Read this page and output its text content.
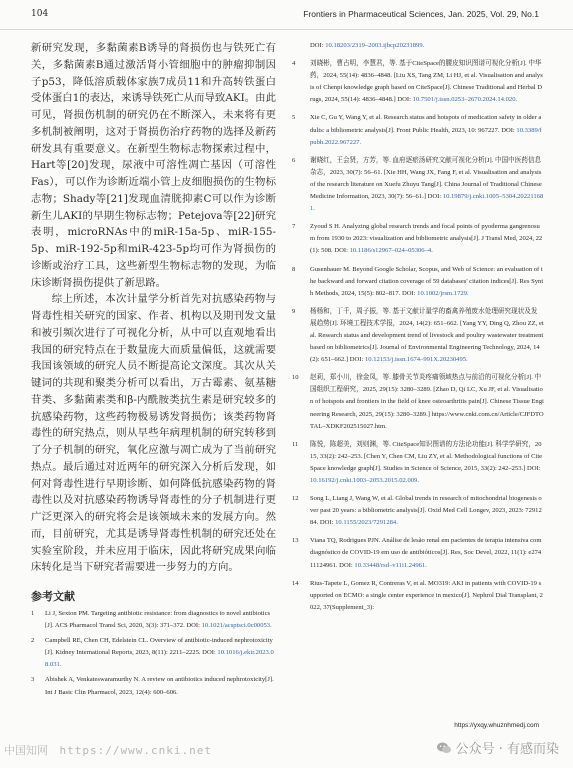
104	Frontiers in Pharmaceutical Sciences, Jan. 2025, Vol. 29, No.1

新研究发现，多黏菌素B诱导的肾损伤也与铁死亡有关，多黏菌素B通过激活肾小管细胞中的肿瘤抑制因子p53，降低溶质载体家族7成员11和升高转铁蛋白受体蛋白1的表达，来诱导铁死亡从而导致AKI。由此可见，肾损伤机制的研究仍在不断深入，未来将有更多机制被阐明，这对于肾损伤治疗药物的选择及新药研发具有重要意义。在新型生物标志物探索过程中，Hart等[20]发现，尿液中可溶性凋亡基因（可溶性Fas），可以作为诊断近端小管上皮细胞损伤的生物标志物；Shady等[21]发现血清胱抑素C可以作为诊断新生儿AKI的早期生物标志物；Petejova等[22]研究表明，microRNAs中的miR-15a-5p、miR-155-5p、miR-192-5p和miR-423-5p均可作为肾损伤的诊断或治疗工具，这些新型生物标志物的发现，为临床诊断肾损伤提供了新思路。

综上所述，本次计量学分析首先对抗感染药物与肾毒性相关研究的国家、作者、机构以及期刊发文量和被引频次进行了可视化分析，从中可以直观地看出我国的研究特点在于数量庞大而质量偏低，这就需要我国该领域的研究人员不断提高论文深度。其次从关键词的共现和聚类分析可以看出，万古霉素、氨基糖苷类、多黏菌素类和β-内酰胺类抗生素是研究较多的抗感染药物，这些药物极易诱发肾损伤；该类药物肾毒性的研究热点，则从早些年病理机制的研究转移到了分子机制的研究，氧化应激与凋亡成为了当前研究热点。最后通过对近两年的研究深入分析后发现，如何对肾毒性进行早期诊断、如何降低抗感染药物的肾毒性以及对抗感染药物诱导肾毒性的分子机制进行更广泛更深入的研究将会是该领域未来的发展方向。然而，目前研究，尤其是诱导肾毒性机制的研究还处在实验室阶段，并未应用于临床，因此将研究成果向临床转化是当下研究者需要进一步努力的方向。

参考文献
1	Li J, Sexton PM. Targeting antibiotic resistance: from diagnostics to novel antibiotics[J]. ACS Pharmacol Transl Sci, 2020, 3(3): 371–372. DOI: 10.1021/acsptsci.0c00053.
2	Campbell RE, Chen CH, Edelstein CL. Overview of antibiotic-induced nephrotoxicity[J]. Kidney International Reports, 2023, 8(11): 2211–2225. DOI: 10.1016/j.ekir.2023.08.031.
3	Abishek A, Venkateswaramurthy N. A review on antibiotics induced nephrotoxicity[J]. Int J Basic Clin Pharmacol, 2023, 12(4): 600–606.
DOI: 10.18203/2319–2003.ijbcp20231899.
4	刘晓彬，曹占明，李慧君，等. 基于CiteSpace的腰皮知识图谱可视化分析[J]. 中华药，2024, 55(14): 4836–4848. [Liu XS, Tang ZM, Li HJ, et al. Visualisation and analysis of Chenpi knowledge graph based on CiteSpace[J]. Chinese Traditional and Herbal Drugs, 2024, 55(14): 4836–4848.] DOI: 10.7501/j.issn.0253–2670.2024.14.020.
5	Xie C, Gu Y, Wang Y, et al. Research status and hotspots of medication safety in older adults: a bibliometric analysis[J]. Front Public Health, 2023, 10: 967227. DOI: 10.3389/fpubh.2022.967227.
6	谢晓红，王会贤，方芳，等. 血府逐瘀汤研究文献可视化分析[J]. 中国中医药信息杂志，2023, 30(7): 56–61. [Xie HH, Wang JX, Fang F, et al. Visualisation and analysis of the research literature on Xuefu Zhuyu Tang[J]. China Journal of Traditional Chinese Medicine Information, 2023, 30(7): 56–61.] DOI: 10.19879/j.cnki.1005–5304.202211681.
7	Zyoud S H. Analyzing global research trends and focal points of pyoderma gangrenosum from 1930 to 2023: visualization and bibliometric analysis[J]. J Transl Med, 2024, 22(1): 508. DOI: 10.1186/s12967–024–05306–4.
8	Gusenbauer M. Beyond Google Scholar, Scopus, and Web of Science: an evaluation of the backward and forward citation coverage of 59 databases' citation indices[J]. Res Synth Methods, 2024, 15(5): 802–817. DOI: 10.1002/jrsm.1729.
9	杨杨和，丁千，周子振，等. 基于文献计量学的畜禽养殖废水处理研究现状及发展趋势[J]. 环境工程技术学报，2024, 14(2): 651–662. [Yang YY, Ding Q, Zhou ZZ, et al. Research status and development trend of livestock and poultry wastewater treatment based on bibliometrics[J]. Journal of Environmental Engineering Technology, 2024, 14(2): 651–662.] DOI: 10.12153/j.issn.1674–991X.20230495.
10	赵莉，郑小川，徐金凤，等. 膝骨关节炎疼痛领域热点与前沿的可视化分析[J]. 中国组织工程研究，2025, 29(15): 3280–3289. [Zhao D, Qi LC, Xu JF, et al. Visualisation of hotspots and frontiers in the field of knee osteoarthritis pain[J]. Chinese Tissue Engineering Research, 2025, 29(15): 3280–3289.] https://www.cnki.com.cn/Article/CJFDTOTAL–XDKF202515027.htm.
11	陈悦，陈超美，刘则渊，等. CiteSpace知识图谱的方法论功能[J]. 科学学研究，2015, 33(2): 242–253. [Chen Y, Chen CM, Liu ZY, et al. Methodological functions of CiteSpace knowledge graph[J]. Studies in Science of Science, 2015, 33(2): 242–253.] DOI: 10.16192/j.cnki.1003–2053.2015.02.009.
12	Song L, Liang J, Wang W, et al. Global trends in research of mitochondrial biogenesis over past 20 years: a bibliometric analysis[J]. Oxid Med Cell Longev, 2023, 2023: 7291284. DOI: 10.1155/2023/7291284.
13	Viana TQ, Rodrigues PJN. Análise de lesão renal em pacientes de terapia intensiva com diagnóstico de COVID-19 em uso de antibióticos[J]. Res, Soc Devel, 2022, 11(1): e27411124961. DOI: 10.33448/rsd–v11i1.24961.
14	Rius-Tapete L, Gomez R, Contreras V, et al. MO319: AKI in patients with COVID-19 supported on ECMO: a single center experience in mexico[J]. Nephrol Dial Transplant, 2022, 37(Supplement_3):
https://yxqy.whuznhmedj.com
中国知网 https://www.cnki.net	公众号 · 有感而染
